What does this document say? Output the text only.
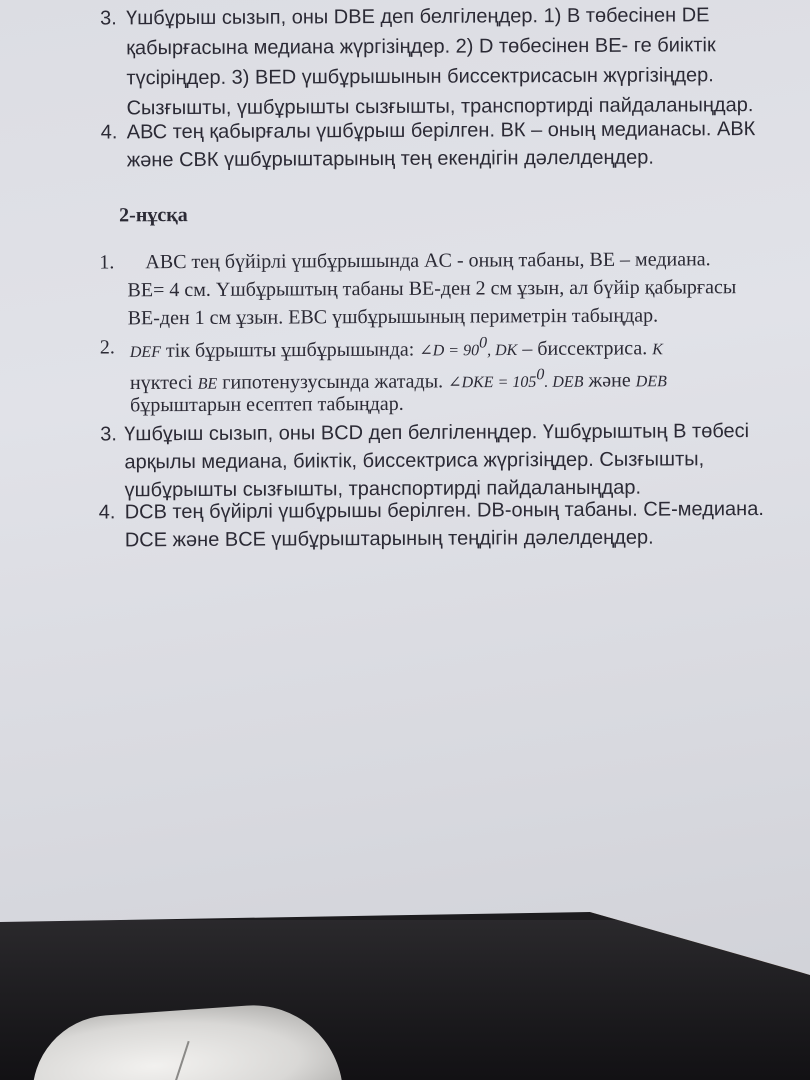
3. Үшбұрыш сызып, оны DBE деп белгілеңдер. 1) B төбесінен DE
қабырғасына медиана жүргізіңдер. 2) D төбесінен BE- ге биіктік
түсіріңдер. 3) BED үшбұрышынын биссектрисасын жүргізіңдер.
Сызғышты, үшбұрышты сызғышты, транспортирді пайдаланыңдар.
4. АВС тең қабырғалы үшбұрыш берілген. ВК – оның медианасы. АВК
және СВК үшбұрыштарының тең екендігін дәлелдеңдер.
2-нұсқа
1. ABC тең бүйірлі үшбұрышында AC - оның табаны, BE – медиана.
BE= 4 см. Үшбұрыштың табаны BE-ден 2 см ұзын, ал бүйір қабырғасы
BE-ден 1 см ұзын. EBC үшбұрышының периметрін табыңдар.
2. DEF тік бұрышты ұшбұрышында: ∠D = $90^0$, DK – биссектриса. K
нүктесі BE гипотенузусында жатады. ∠DKE = $105^0$. DEB және DEB
бұрыштарын есептеп табыңдар.
3. Үшбұыш сызып, оны BCD деп белгіленңдер. Үшбұрыштың В төбесі
арқылы медиана, биіктік, биссектриса жүргізіңдер. Сызғышты,
үшбұрышты сызғышты, транспортирді пайдаланыңдар.
4. DCB тең бүйірлі үшбұрышы берілген. DB-оның табаны. CE-медиана.
DCE және BCE үшбұрыштарының теңдігін дәлелдеңдер.
